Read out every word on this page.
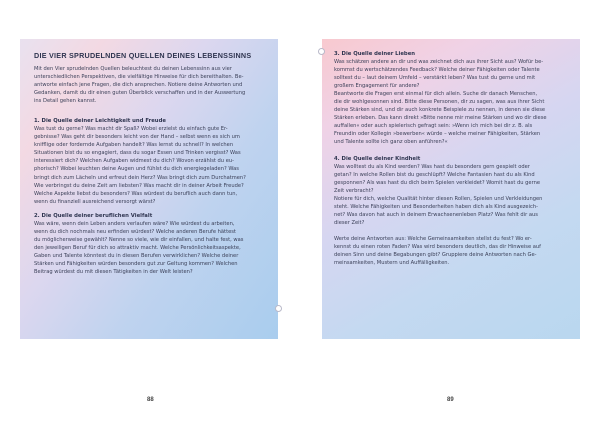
DIE VIER SPRUDELNDEN QUELLEN DEINES LEBENSSINNS

Mit den Vier sprudelnden Quellen beleuchtest du deinen Lebenssinn aus vier
unterschiedlichen Perspektiven, die vielfältige Hinweise für dich bereithalten. Be-
antworte einfach jene Fragen, die dich ansprechen. Notiere deine Antworten und
Gedanken, damit du dir einen guten Überblick verschaffen und in der Auswertung
ins Detail gehen kannst.

1. Die Quelle deiner Leichtigkeit und Freude

Was tust du gerne? Was macht dir Spaß? Wobei erzielst du einfach gute Er-
gebnisse? Was geht dir besonders leicht von der Hand – selbst wenn es sich um
knifflige oder fordernde Aufgaben handelt? Was lernst du schnell? In welchen
Situationen bist du so engagiert, dass du sogar Essen und Trinken vergisst? Was
interessiert dich? Welchen Aufgaben widmest du dich? Wovon erzählst du eu-
phorisch? Wobei leuchten deine Augen und fühlst du dich energiegeladen? Was
bringt dich zum Lächeln und erfreut dein Herz? Was bringt dich zum Durchatmen?
Wie verbringst du deine Zeit am liebsten? Was macht dir in deiner Arbeit Freude?
Welche Aspekte liebst du besonders? Was würdest du beruflich auch dann tun,
wenn du finanziell ausreichend versorgt wärst?

2. Die Quelle deiner beruflichen Vielfalt

Was wäre, wenn dein Leben anders verlaufen wäre? Wie würdest du arbeiten,
wenn du dich nochmals neu erfinden würdest? Welche anderen Berufe hättest
du möglicherweise gewählt? Nenne so viele, wie dir einfallen, und halte fest, was
den jeweiligen Beruf für dich so attraktiv macht. Welche Persönlichkeitsaspekte,
Gaben und Talente könntest du in diesen Berufen verwirklichen? Welche deiner
Stärken und Fähigkeiten würden besonders gut zur Geltung kommen? Welchen
Beitrag würdest du mit diesen Tätigkeiten in der Welt leisten?

88
3. Die Quelle deiner Lieben

Was schätzen andere an dir und was zeichnet dich aus ihrer Sicht aus? Wofür be-
kommst du wertschätzendes Feedback? Welche deiner Fähigkeiten oder Talente
solltest du – laut deinem Umfeld – verstärkt leben? Was tust du gerne und mit
großem Engagement für andere?
Beantworte die Fragen erst einmal für dich allein. Suche dir danach Menschen,
die dir wohlgesonnen sind. Bitte diese Personen, dir zu sagen, was aus ihrer Sicht
deine Stärken sind, und dir auch konkrete Beispiele zu nennen, in denen sie diese
Stärken erleben. Das kann direkt »Bitte nenne mir meine Stärken und wo dir diese
auffallen« oder auch spielerisch gefragt sein: »Wenn ich mich bei dir z. B. als
Freundin oder Kollegin »bewerben« würde – welche meiner Fähigkeiten, Stärken
und Talente sollte ich ganz oben anführen?«

4. Die Quelle deiner Kindheit

Was wolltest du als Kind werden? Was hast du besonders gern gespielt oder
getan? In welche Rollen bist du geschlüpft? Welche Fantasien hast du als Kind
gesponnen? Als was hast du dich beim Spielen verkleidet? Womit hast du gerne
Zeit verbracht?
Notiere für dich, welche Qualität hinter diesen Rollen, Spielen und Verkleidungen
steht. Welche Fähigkeiten und Besonderheiten haben dich als Kind ausgezeich-
net? Was davon hat auch in deinem Erwachsenenleben Platz? Was fehlt dir aus
dieser Zeit?

Werte deine Antworten aus: Welche Gemeinsamkeiten stellst du fest? Wo er-
kennst du einen roten Faden? Was wird besonders deutlich, das dir Hinweise auf
deinen Sinn und deine Begabungen gibt? Gruppiere deine Antworten nach Ge-
meinsamkeiten, Mustern und Auffälligkeiten.

89
